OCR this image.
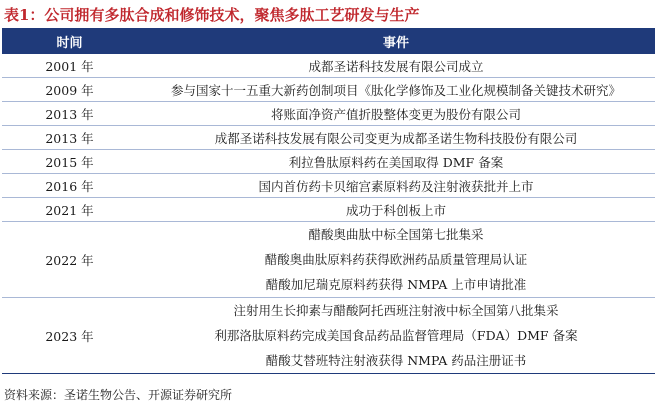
表1：公司拥有多肽合成和修饰技术，聚焦多肽工艺研发与生产
时间	事件
2001 年	成都圣诺科技发展有限公司成立
2009 年	参与国家十一五重大新药创制项目《肽化学修饰及工业化规模制备关键技术研究》
2013 年	将账面净资产值折股整体变更为股份有限公司
2013 年	成都圣诺科技发展有限公司变更为成都圣诺生物科技股份有限公司
2015 年	利拉鲁肽原料药在美国取得 DMF 备案
2016 年	国内首仿药卡贝缩宫素原料药及注射液获批并上市
2021 年	成功于科创板上市
2022 年	醋酸奥曲肽中标全国第七批集采
醋酸奥曲肽原料药获得欧洲药品质量管理局认证
醋酸加尼瑞克原料药获得 NMPA 上市申请批准

2023 年	注射用生长抑素与醋酸阿托西班注射液中标全国第八批集采
利那洛肽原料药完成美国食品药品监督管理局（FDA）DMF 备案
醋酸艾替班特注射液获得 NMPA 药品注册证书
资料来源：圣诺生物公告、开源证券研究所
